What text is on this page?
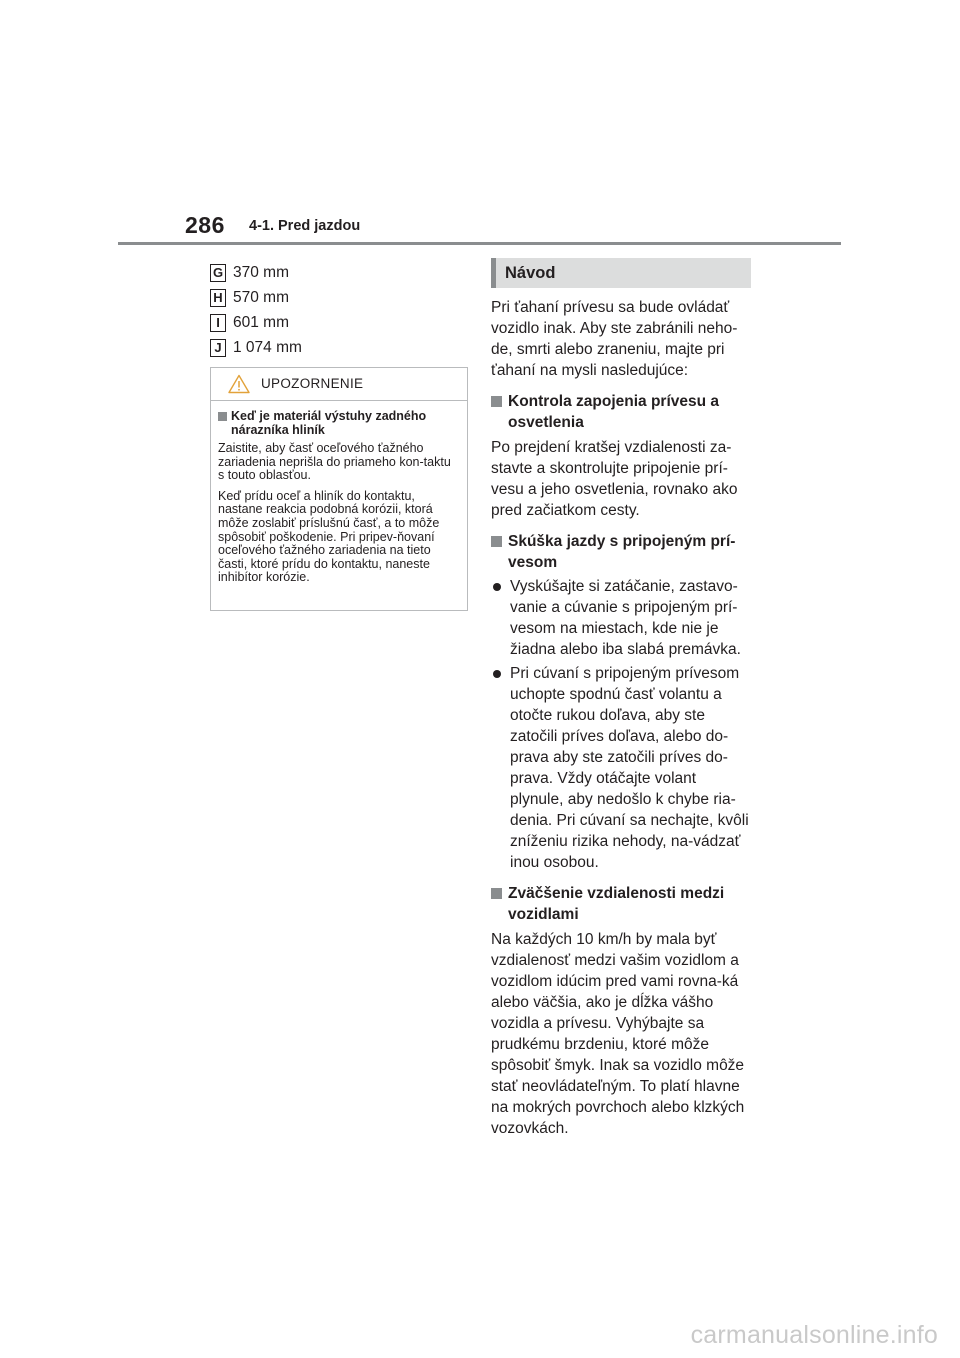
286 4-1. Pred jazdou
G 370 mm
H 570 mm
I 601 mm
J 1 074 mm
UPOZORNENIE
Keď je materiál výstuhy zadného nárazníka hliník
Zaistite, aby časť oceľového ťažného zariadenia neprišla do priameho kon-taktu s touto oblasťou.
Keď prídu oceľ a hliník do kontaktu, nastane reakcia podobná korózii, ktorá môže zoslabiť príslušnú časť, a to môže spôsobiť poškodenie. Pri pripev-ňovaní oceľového ťažného zariadenia na tieto časti, ktoré prídu do kontaktu, naneste inhibítor korózie.
Návod
Pri ťahaní prívesu sa bude ovládať vozidlo inak. Aby ste zabránili neho-de, smrti alebo zraneniu, majte pri ťahaní na mysli nasledujúce:
Kontrola zapojenia prívesu a osvetlenia
Po prejdení kratšej vzdialenosti za-stavte a skontrolujte pripojenie prí-vesu a jeho osvetlenia, rovnako ako pred začiatkom cesty.
Skúška jazdy s pripojeným prí-vesom
Vyskúšajte si zatáčanie, zastavo-vanie a cúvanie s pripojeným prí-vesom na miestach, kde nie je žiadna alebo iba slabá premávka.
Pri cúvaní s pripojeným prívesom uchopte spodnú časť volantu a otočte rukou doľava, aby ste zatočili príves doľava, alebo do-prava aby ste zatočili príves do-prava. Vždy otáčajte volant plynule, aby nedošlo k chybe ria-denia. Pri cúvaní sa nechajte, kvôli zníženiu rizika nehody, na-vádzať inou osobou.
Zväčšenie vzdialenosti medzi vozidlami
Na každých 10 km/h by mala byť vzdialenosť medzi vašim vozidlom a vozidlom idúcim pred vami rovna-ká alebo väčšia, ako je dĺžka vášho vozidla a prívesu. Vyhýbajte sa prudkému brzdeniu, ktoré môže spôsobiť šmyk. Inak sa vozidlo môže stať neovládateľným. To platí hlavne na mokrých povrchoch alebo klzkých vozovkách.
carmanualsonline.info
